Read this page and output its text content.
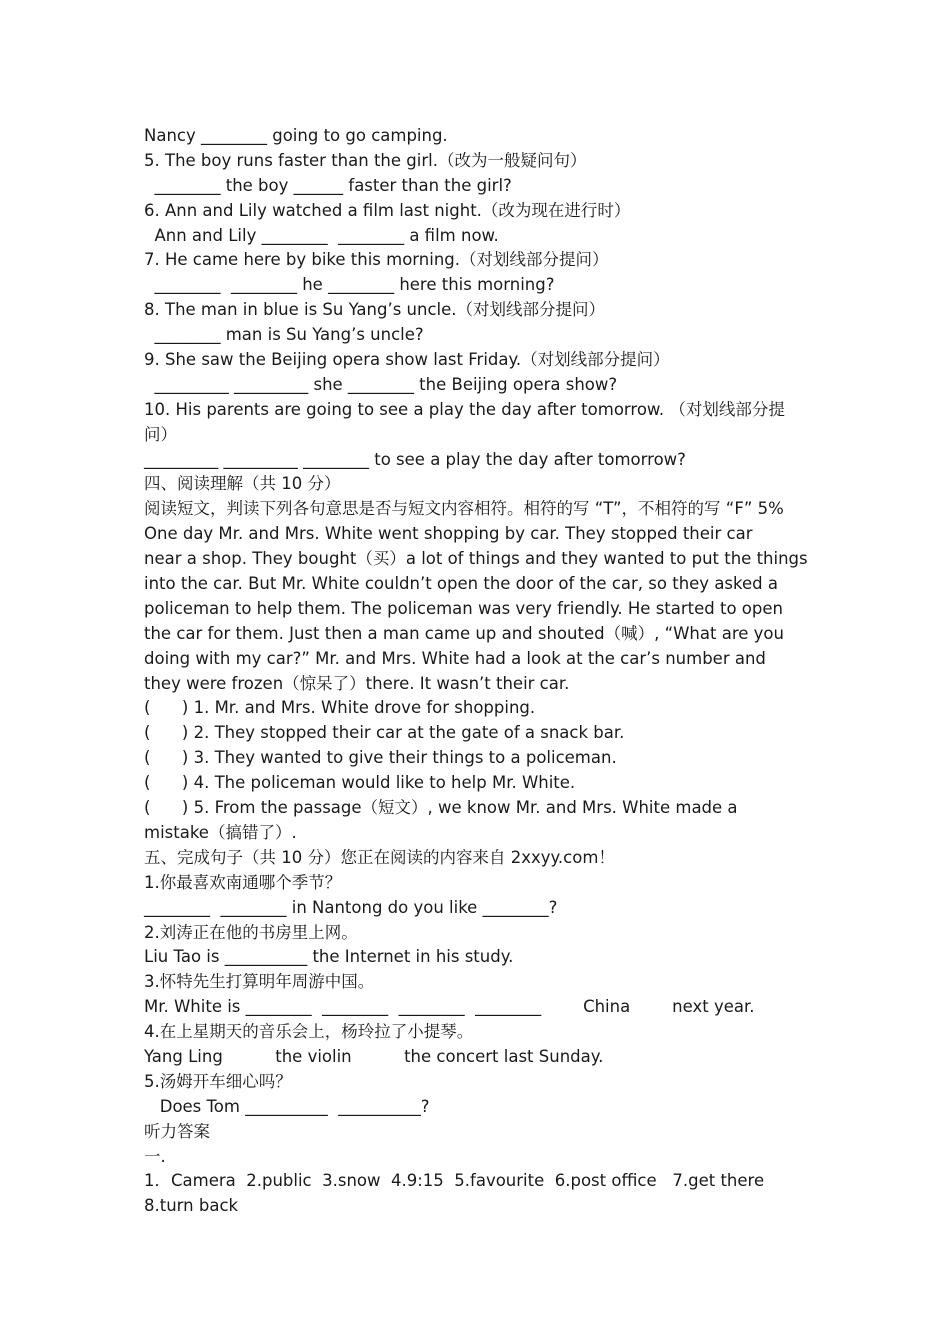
Nancy ________ going to go camping.
5. The boy runs faster than the girl.（改为一般疑问句）
________ the boy ______ faster than the girl?
6. Ann and Lily watched a film last night.（改为现在进行时）
Ann and Lily ________  ________ a film now.
7. He came here by bike this morning.（对划线部分提问）
________  ________ he ________ here this morning?
8. The man in blue is Su Yang’s uncle.（对划线部分提问）
________ man is Su Yang’s uncle?
9. She saw the Beijing opera show last Friday.（对划线部分提问）
_________ _________ she ________ the Beijing opera show?
10. His parents are going to see a play the day after tomorrow. （对划线部分提
问）
_________ _________ ________ to see a play the day after tomorrow?
四、阅读理解（共 10 分）
阅读短文，判读下列各句意思是否与短文内容相符。相符的写 “T”，不相符的写 “F” 5%
One day Mr. and Mrs. White went shopping by car. They stopped their car
near a shop. They bought（买）a lot of things and they wanted to put the things
into the car. But Mr. White couldn’t open the door of the car, so they asked a
policeman to help them. The policeman was very friendly. He started to open
the car for them. Just then a man came up and shouted（喊）, “What are you
doing with my car?” Mr. and Mrs. White had a look at the car’s number and
they were frozen（惊呆了）there. It wasn’t their car.
(      ) 1. Mr. and Mrs. White drove for shopping.
(      ) 2. They stopped their car at the gate of a snack bar.
(      ) 3. They wanted to give their things to a policeman.
(      ) 4. The policeman would like to help Mr. White.
(      ) 5. From the passage（短文）, we know Mr. and Mrs. White made a
mistake（搞错了）.
五、完成句子（共 10 分）您正在阅读的内容来自 2xxyy.com！
1.你最喜欢南通哪个季节？
________  ________ in Nantong do you like ________?
2.刘涛正在他的书房里上网。
Liu Tao is __________ the Internet in his study.
3.怀特先生打算明年周游中国。
Mr. White is ________  ________  ________  ________        China        next year.
4.在上星期天的音乐会上，杨玲拉了小提琴。
Yang Ling          the violin          the concert last Sunday.
5.汤姆开车细心吗？
Does Tom __________  __________?
听力答案
一.
1．Camera  2.public  3.snow  4.9:15  5.favourite  6.post office   7.get there
8.turn back
